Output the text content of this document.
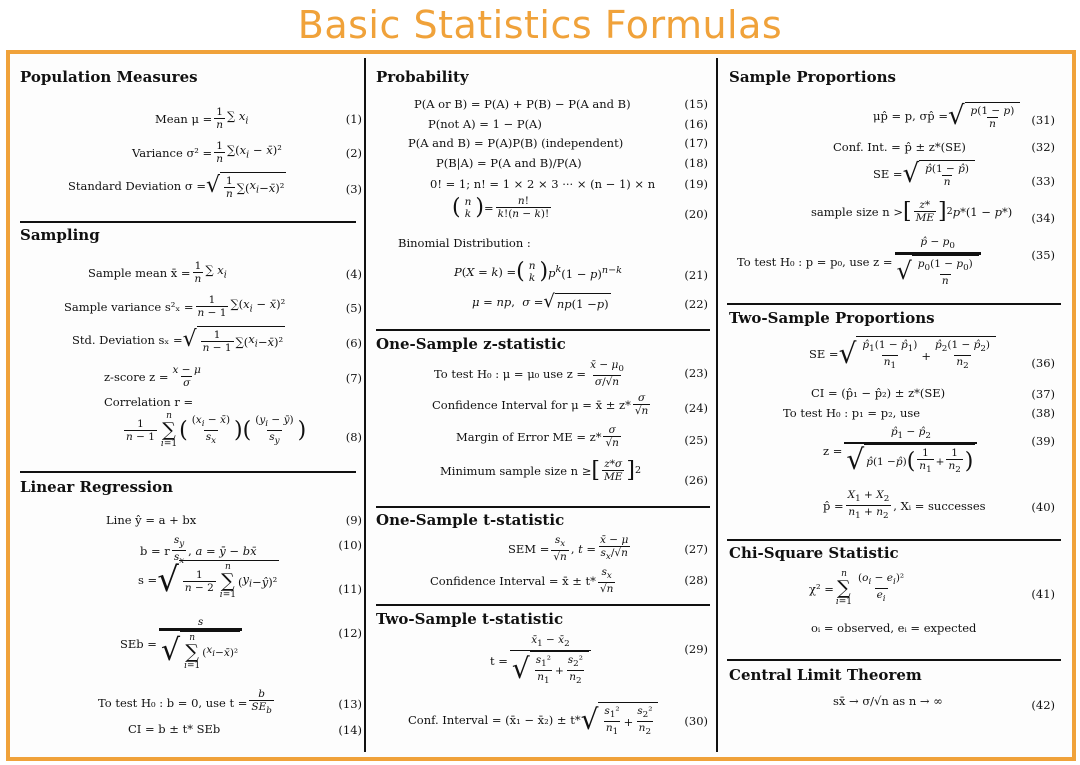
Basic Statistics Formulas
Population Measures
Mean $\mu = \frac{1}{n}$ ∑ $x_i$	(1)
Variance $\sigma^2 = \frac{1}{n} \sum(x_i$ − x̄)²	(2)
Standard Deviation σ = √ $\frac{1}{n}$ ∑( $x_i$ − x̄ )²	(3)
Sampling
Sample mean x̄ = $\frac{1}{n}$ ∑ $x_i$	(4)
Sample variance $s^2_x = \frac{1}{n - 1} \sum(x_i$ − x̄)²	(5)
Std. Deviation sₓ = √ $\frac{1}{n - 1}$ ∑( $x_i$ − x̄ )²	(6)
z-score $z = \frac{x - \mu}{\sigma}$	(7)
Correlation r =
$\frac{1}{n - 1}$
n
∑
i=1
( $\frac{(x_i - x̄)}{s_x}$ ) ( $\frac{(y_i - ȳ)}{s_y}$ )	(8)
Linear Regression
Line ŷ = a + bx	(9)
b = r $\frac{s_y}{s_x}$ , a = ȳ − bx̄	(10)
s = √ $\frac{1}{n - 2}$
n
∑
i=1
( $y_i$ − ŷ )²
(11)
SEb = s
√ n
∑
i=1
( $x_i$ − x̄ )²	(12)
To test H₀ : b = 0, use $t = \frac{b}{SE_b}$	(13)
CI = b ± t* SEb	(14)
Probability
P(A or B) = P(A) + P(B) − P(A and B)	(15)
P(not A) = 1 − P(A)	(16)
P(A and B) = P(A)P(B) (independent)	(17)
P(B|A) = P(A and B)/P(A)	(18)
0! = 1; n! = 1 × 2 × 3 ··· × (n − 1) × n	(19)
( n
k ) = $\frac{n!}{k!(n - k)!}$	(20)
Binomial Distribution :
P(X = k) = ( n
k ) $p^k(1 - p)^{n-k}$	(21)
μ = np,  σ = √ np (1 − p )	(22)
One-Sample z-statistic
To test H₀ : μ = μ₀ use $z = \frac{x̄ - \mu_0}{\sigma/√n}$	(23)
Confidence Interval for μ = x̄ ± $z* \frac{\sigma}{√n}$	(24)
Margin of Error ME = $z* \frac{\sigma}{√n}$	(25)
Minimum sample size n ≥ [ $\frac{z*\sigma}{ME}$ ] 2
(26)
One-Sample t-statistic
SEM = $\frac{s_x}{√n}$ , $t = \frac{x̄ - \mu}{s_x/√n}$	(27)
Confidence Interval = x̄ ± $t* \frac{s_x}{√n}$	(28)
Two-Sample t-statistic
$t = \frac{x̄_1 - x̄_2}{√ \frac{s_1^2}{n_1} + \frac{s_2^2}{n_2}}$	(29)
Conf. Interval = (x̄₁ − x̄₂) ± t* √ $\frac{s_1^2}{n_1} + \frac{s_2^2}{n_2}$	(30)
Sample Proportions
μp̂ = p, σp̂ = √ $\frac{p(1 - p)}{n}$	(31)
Conf. Int. = p̂ ± z*(SE)	(32)
SE = √ $\frac{p̂(1 - p̂)}{n}$	(33)
sample size n > [ $\frac{z*}{ME}$ ] 2 p*(1 − p*)	(34)
To test H₀ : p = p₀, use $z = \frac{p̂ - p_0}{√ \frac{p_0(1 - p_0)}{n}}$	(35)
Two-Sample Proportions
SE = √ $\frac{p̂_1(1 - p̂_1)}{n_1} + \frac{p̂_2(1 - p̂_2)}{n_2}$	(36)
CI = (p̂₁ − p̂₂) ± z*(SE)	(37)
To test H₀ : p₁ = p₂, use	(38)
$z = \frac{p̂_1 - p̂_2}{√ p̂ (1 - p̂ ) ( \frac{1}{n_1} + \frac{1}{n_2} )}$	(39)
p̂ = $\frac{X_1 + X_2}{n_1 + n_2}$ , Xᵢ = successes	(40)
Chi-Square Statistic
χ² =
n
∑
$i=1 \frac{(o_i - e_i)^2}{e_i}$	(41)
oᵢ = observed, eᵢ = expected
Central Limit Theorem
sx̄ → σ/√n as n → ∞	(42)
